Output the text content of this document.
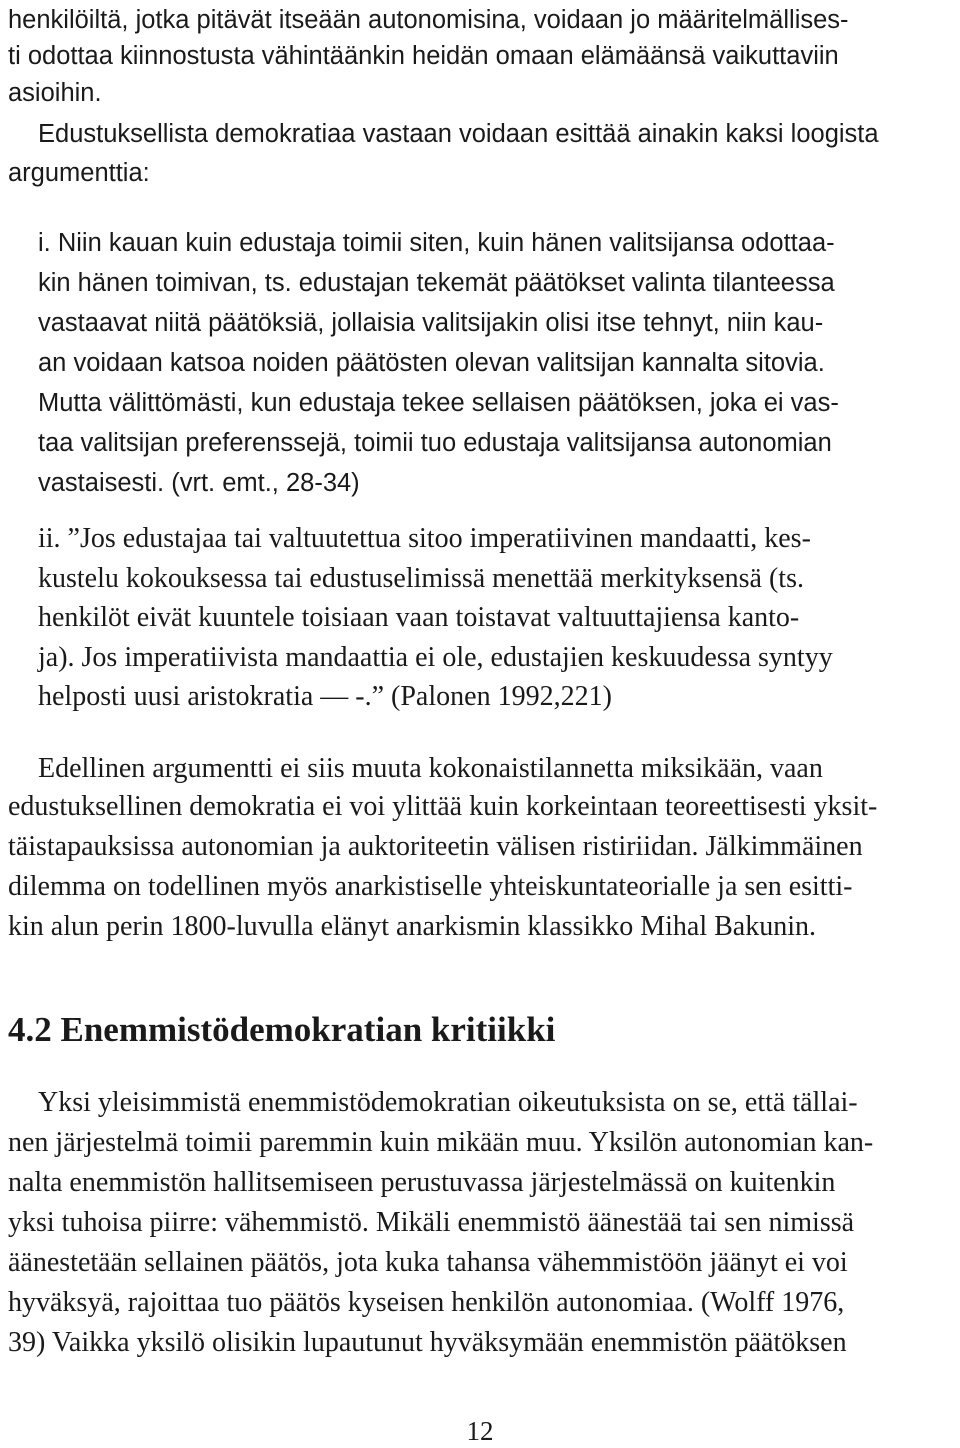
henkilöiltä, jotka pitävät itseään autonomisina, voidaan jo määritelmällises-
ti odottaa kiinnostusta vähintäänkin heidän omaan elämäänsä vaikuttaviin
asioihin.
Edustuksellista demokratiaa vastaan voidaan esittää ainakin kaksi loogista
argumenttia:
i. Niin kauan kuin edustaja toimii siten, kuin hänen valitsijansa odottaa-
kin hänen toimivan, ts. edustajan tekemät päätökset valinta tilanteessa
vastaavat niitä päätöksiä, jollaisia valitsijakin olisi itse tehnyt, niin kau-
an voidaan katsoa noiden päätösten olevan valitsijan kannalta sitovia.
Mutta välittömästi, kun edustaja tekee sellaisen päätöksen, joka ei vas-
taa valitsijan preferenssejä, toimii tuo edustaja valitsijansa autonomian
vastaisesti. (vrt. emt., 28-34)
ii. ”Jos edustajaa tai valtuutettua sitoo imperatiivinen mandaatti, kes-
kustelu kokouksessa tai edustuselimissä menettää merkityksensä (ts.
henkilöt eivät kuuntele toisiaan vaan toistavat valtuuttajiensa kanto-
ja). Jos imperatiivista mandaattia ei ole, edustajien keskuudessa syntyy
helposti uusi aristokratia — -.” (Palonen 1992,221)
Edellinen argumentti ei siis muuta kokonaistilannetta miksikään, vaan
edustuksellinen demokratia ei voi ylittää kuin korkeintaan teoreettisesti yksit-
täistapauksissa autonomian ja auktoriteetin välisen ristiriidan. Jälkimmäinen
dilemma on todellinen myös anarkistiselle yhteiskuntateorialle ja sen esitti-
kin alun perin 1800-luvulla elänyt anarkismin klassikko Mihal Bakunin.
4.2 Enemmistödemokratian kritiikki
Yksi yleisimmistä enemmistödemokratian oikeutuksista on se, että tällai-
nen järjestelmä toimii paremmin kuin mikään muu. Yksilön autonomian kan-
nalta enemmistön hallitsemiseen perustuvassa järjestelmässä on kuitenkin
yksi tuhoisa piirre: vähemmistö. Mikäli enemmistö äänestää tai sen nimissä
äänestetään sellainen päätös, jota kuka tahansa vähemmistöön jäänyt ei voi
hyväksyä, rajoittaa tuo päätös kyseisen henkilön autonomiaa. (Wolff 1976,
39) Vaikka yksilö olisikin lupautunut hyväksymään enemmistön päätöksen
12
